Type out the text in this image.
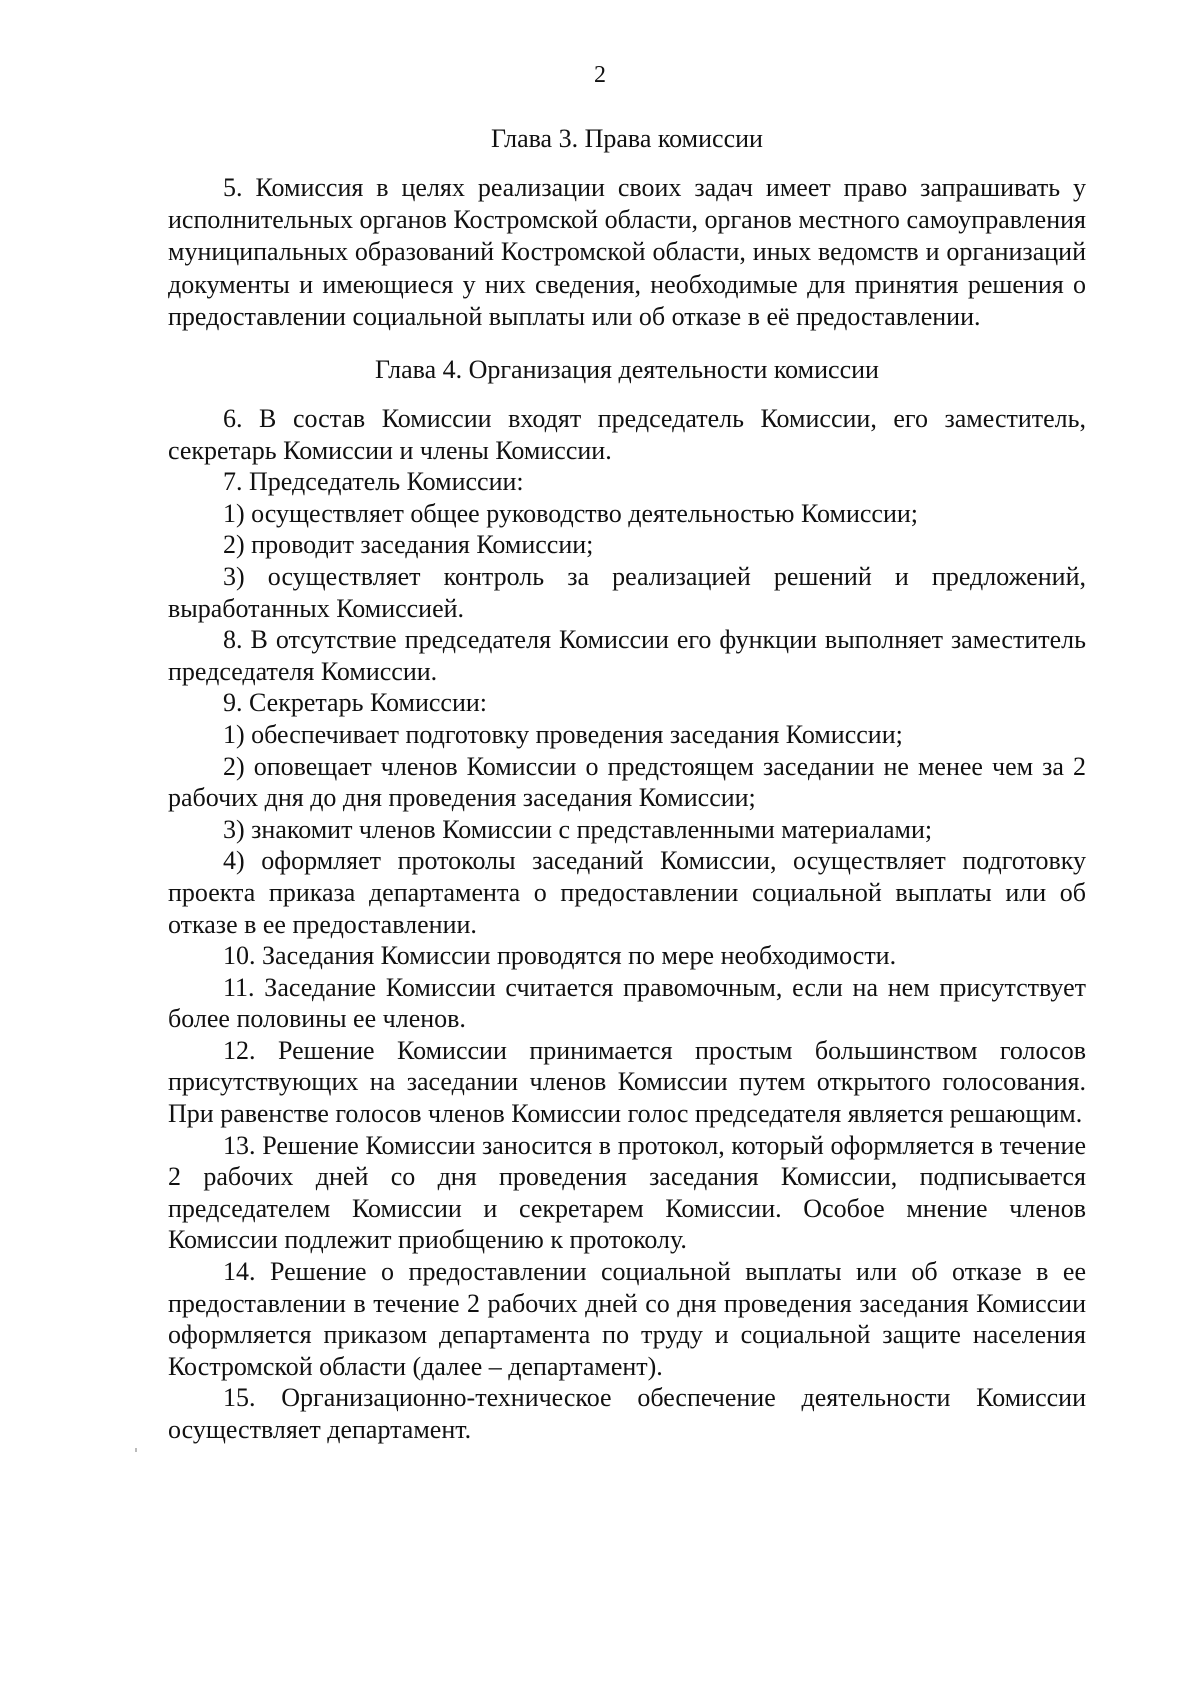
2
Глава 3. Права комиссии

5. Комиссия в целях реализации своих задач имеет право запрашивать у исполнительных органов Костромской области, органов местного самоуправления муниципальных образований Костромской области, иных ведомств и организаций документы и имеющиеся у них сведения, необходимые для принятия решения о предоставлении социальной выплаты или об отказе в её предоставлении.

Глава 4. Организация деятельности комиссии

6. В состав Комиссии входят председатель Комиссии, его заместитель, секретарь Комиссии и члены Комиссии.

7. Председатель Комиссии:

1) осуществляет общее руководство деятельностью Комиссии;

2) проводит заседания Комиссии;

3) осуществляет контроль за реализацией решений и предложений, выработанных Комиссией.

8. В отсутствие председателя Комиссии его функции выполняет заместитель председателя Комиссии.

9. Секретарь Комиссии:

1) обеспечивает подготовку проведения заседания Комиссии;

2) оповещает членов Комиссии о предстоящем заседании не менее чем за 2 рабочих дня до дня проведения заседания Комиссии;

3) знакомит членов Комиссии с представленными материалами;

4) оформляет протоколы заседаний Комиссии, осуществляет подготовку проекта приказа департамента о предоставлении социальной выплаты или об отказе в ее предоставлении.

10. Заседания Комиссии проводятся по мере необходимости.

11. Заседание Комиссии считается правомочным, если на нем присутствует более половины ее членов.

12. Решение Комиссии принимается простым большинством голосов присутствующих на заседании членов Комиссии путем открытого голосования. При равенстве голосов членов Комиссии голос председателя является решающим.

13. Решение Комиссии заносится в протокол, который оформляется в течение 2 рабочих дней со дня проведения заседания Комиссии, подписывается председателем Комиссии и секретарем Комиссии. Особое мнение членов Комиссии подлежит приобщению к протоколу.

14. Решение о предоставлении социальной выплаты или об отказе в ее предоставлении в течение 2 рабочих дней со дня проведения заседания Комиссии оформляется приказом департамента по труду и социальной защите населения Костромской области (далее – департамент).

15. Организационно-техническое обеспечение деятельности Комиссии осуществляет департамент.
